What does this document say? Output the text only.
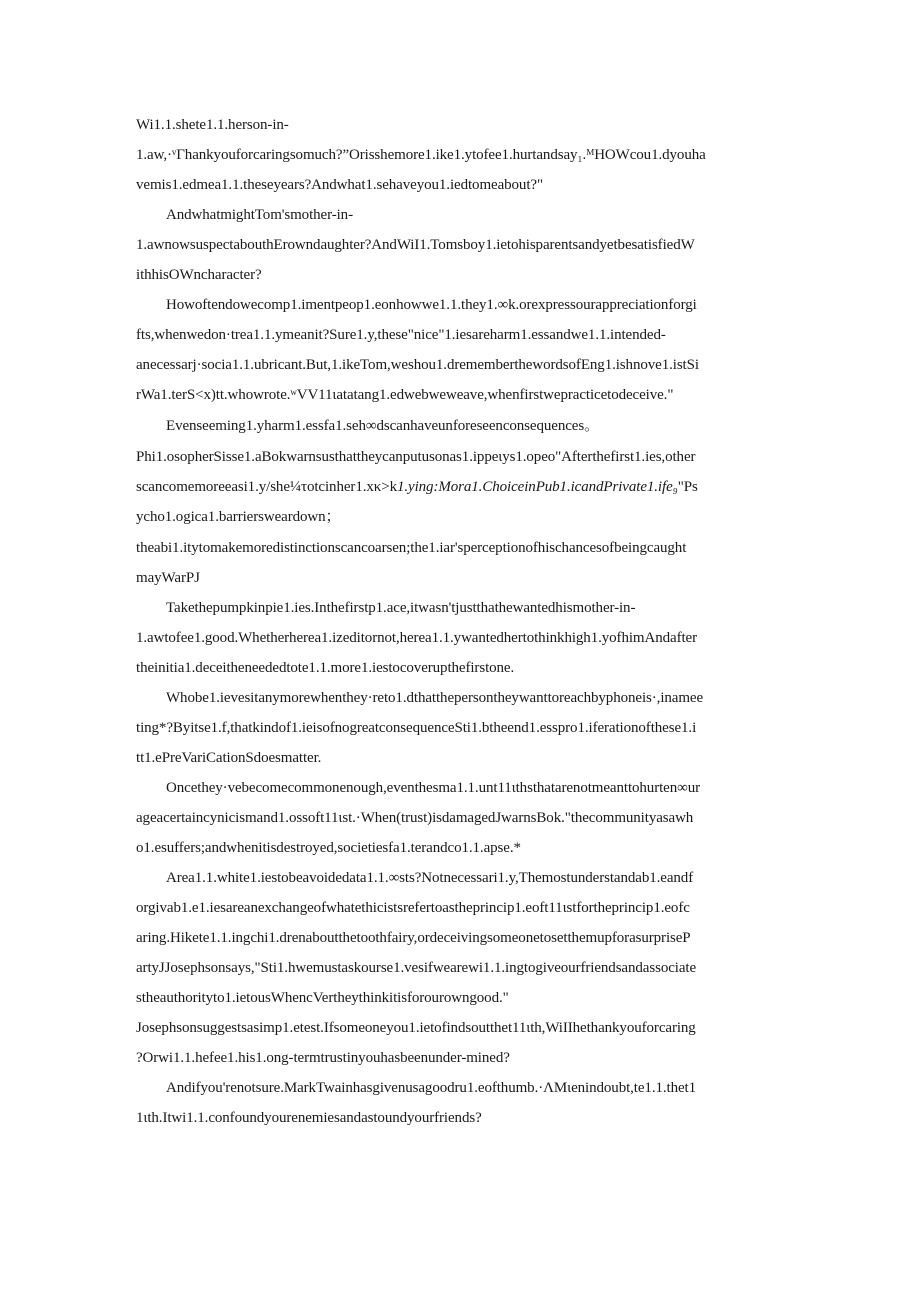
Wi1.1.shete1.1.herson-in-
1.aw,·ᵛΓhankyouforcaringsomuch?”Orisshemore1.ike1.ytofee1.hurtandsay₁.ᴹHOWcou1.dyouha
vemis1.edmea1.1.theseyears?Andwhat1.sehaveyou1.iedtomeabout?"
AndwhatmightTom'smother-in-
1.awnowsuspectabouthErowndaughter?AndWiI1.Tomsboy1.ietohisparentsandyetbesatisfiedW
ithhisOWncharacter?
Howoftendowecomp1.imentpeop1.eonhowwe1.1.they1.∞k.orexpressourappreciationforgi
fts,whenwedon·trea1.1.ymeanit?Sure1.y,these"nice"1.iesareharm1.essandwe1.1.intended-
anecessarj·socia1.1.ubricant.But,1.ikeTom,weshou1.drememberthewordsofEng1.ishnove1.istSi
rWa1.terS<x)tt.whowrote.ʷVV11ιatatang1.edwebweweave,whenfirstwepracticetodeceive."
Evenseeming1.yharm1.essfa1.seh∞dscanhaveunforeseenconsequences。
Phi1.osopherSisse1.aBokwarnsusthattheycanputusonas1.ippeιys1.opeo"Afterthefirst1.ies,other
scancomemoreeasi1.y/she¼τotcinher1.xκ>k1.ying:Mora1.ChoiceinPub1.icandPrivate1.ife₉"Ps
ycho1.ogica1.barriersweardown；
theabi1.itytomakemoredistinctionscancoarsen;the1.iar'sperceptionofhischancesofbeingcaught
mayWarPJ
Takethepumpkinpie1.ies.Inthefirstp1.ace,itwasn'tjustthathewantedhismother-in-
1.awtofee1.good.Whetherherea1.izeditornot,herea1.1.ywantedhertothinkhigh1.yofhimAndafter
theinitia1.deceitheneededtote1.1.more1.iestocoverupthefirstone.
Whobe1.ievesitanymorewhenthey·reto1.dthatthepersontheywanttoreachbyphoneis·,inamee
ting*?Byitse1.f,thatkindof1.ieisofnogreatconsequenceSti1.btheend1.esspro1.iferationofthese1.i
tt1.ePreVariCationSdoesmatter.
Oncethey·vebecomecommonenough,eventhesma1.1.unt11ιthsthatarenotmeanttohurten∞ur
ageacertaincynicismand1.ossoft11ιst.·When(trust)isdamagedJwarnsBok."thecommunityasawh
o1.esuffers;andwhenitisdestroyed,societiesfa1.terandco1.1.apse.*
Area1.1.white1.iestobeavoidedata1.1.∞sts?Notnecessari1.y,Themostunderstandab1.eandf
orgivab1.e1.iesareanexchangeofwhatethicistsrefertoastheprincip1.eoft11ιstfortheprincip1.eofc
aring.Hikete1.1.ingchi1.drenaboutthetoothfairy,ordeceivingsomeonetosetthemupforasurpriseP
artyJJosephsonsays,"Sti1.hwemustaskourse1.vesifwearewi1.1.ingtogiveourfriendsandassociate
stheauthorityto1.ietousWhencVertheythinkitisforourowngood."
Josephsonsuggestsasimp1.etest.Ifsomeoneyou1.ietofindsoutthet11ιth,WiIIhethankyouforcaring
?Orwi1.1.hefee1.his1.ong-termtrustinyouhasbeenunder-mined?
Andifyou'renotsure.MarkTwainhasgivenusagoodru1.eofthumb.·ΛMιenindoubt,te1.1.thet1
1ιth.Itwi1.1.confoundyourenemiesandastoundyourfriends?
